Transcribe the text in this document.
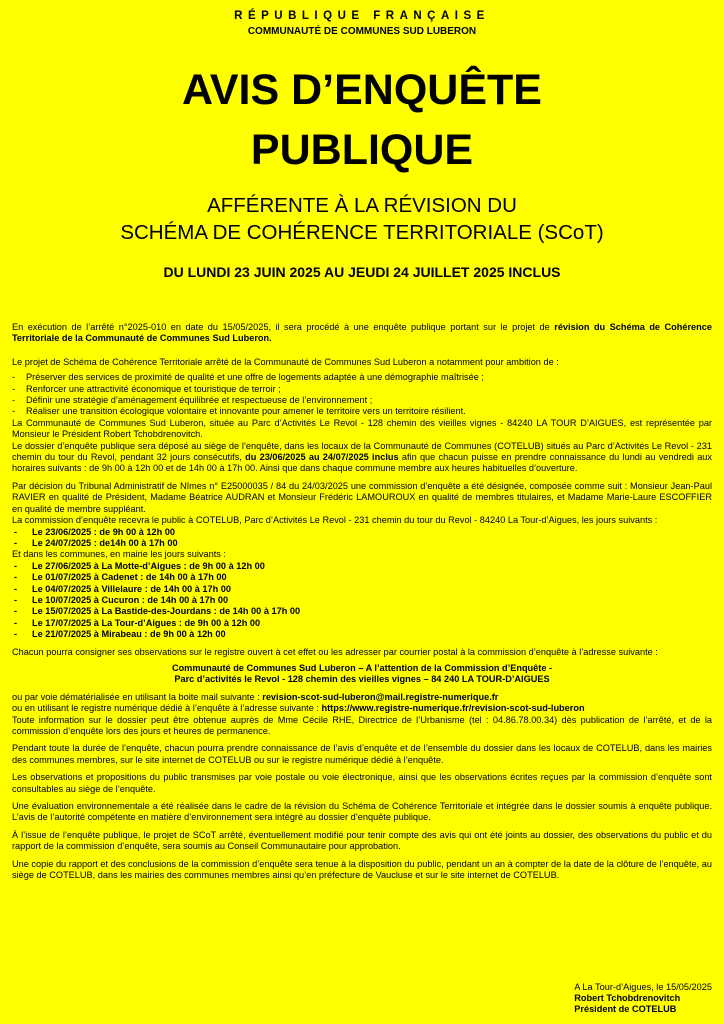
RÉPUBLIQUE FRANÇAISE
COMMUNAUTÉ DE COMMUNES SUD LUBERON
AVIS D’ENQUÊTE
PUBLIQUE
AFFÉRENTE À LA RÉVISION DU
SCHÉMA DE COHÉRENCE TERRITORIALE (SCoT)
DU LUNDI 23 JUIN 2025 AU JEUDI 24 JUILLET 2025 INCLUS

En exécution de l’arrêté n°2025-010 en date du 15/05/2025, il sera procédé à une enquête publique portant sur le projet de révision du Schéma de Cohérence Territoriale de la Communauté de Communes Sud Luberon.

Le projet de Schéma de Cohérence Territoriale arrêté de la Communauté de Communes Sud Luberon a notamment pour ambition de :

- Préserver des services de proximité de qualité et une offre de logements adaptée à une démographie maîtrisée ;
- Renforcer une attractivité économique et touristique de terroir ;
- Définir une stratégie d’aménagement équilibrée et respectueuse de l’environnement ;
- Réaliser une transition écologique volontaire et innovante pour amener le territoire vers un territoire résilient.

La Communauté de Communes Sud Luberon, située au Parc d’Activités Le Revol - 128 chemin des vieilles vignes - 84240 LA TOUR D’AIGUES, est représentée par Monsieur le Président Robert Tchobdrenovitch.

Le dossier d’enquête publique sera déposé au siège de l’enquête, dans les locaux de la Communauté de Communes (COTELUB) situés au Parc d’Activités Le Revol - 231 chemin du tour du Revol, pendant 32 jours consécutifs, du 23/06/2025 au 24/07/2025 inclus afin que chacun puisse en prendre connaissance du lundi au vendredi aux horaires suivants : de 9h 00 à 12h 00 et de 14h 00 à 17h 00. Ainsi que dans chaque commune membre aux heures habituelles d’ouverture.

Par décision du Tribunal Administratif de Nîmes n° E25000035 / 84 du 24/03/2025 une commission d’enquête a été désignée, composée comme suit : Monsieur Jean-Paul RAVIER en qualité de Président, Madame Béatrice AUDRAN et Monsieur Frédéric LAMOUROUX en qualité de membres titulaires, et Madame Marie-Laure ESCOFFIER en qualité de membre suppléant.

La commission d’enquête recevra le public à COTELUB, Parc d’Activités Le Revol - 231 chemin du tour du Revol - 84240 La Tour-d’Aigues, les jours suivants :

- Le 23/06/2025 : de 9h 00 à 12h 00
- Le 24/07/2025 : de14h 00 à 17h 00

Et dans les communes, en mairie les jours suivants :

- Le 27/06/2025 à La Motte-d’Aigues : de 9h 00 à 12h 00
- Le 01/07/2025 à Cadenet : de 14h 00 à 17h 00
- Le 04/07/2025 à Villelaure : de 14h 00 à 17h 00
- Le 10/07/2025 à Cucuron : de 14h 00 à 17h 00
- Le 15/07/2025 à La Bastide-des-Jourdans : de 14h 00 à 17h 00
- Le 17/07/2025 à La Tour-d’Aigues : de 9h 00 à 12h 00
- Le 21/07/2025 à Mirabeau : de 9h 00 à 12h 00

Chacun pourra consigner ses observations sur le registre ouvert à cet effet ou les adresser par courrier postal à la commission d’enquête à l’adresse suivante :

Communauté de Communes Sud Luberon – A l’attention de la Commission d’Enquête -
Parc d’activités le Revol - 128 chemin des vieilles vignes – 84 240 LA TOUR-D’AIGUES

ou par voie dématérialisée en utilisant la boite mail suivante : revision-scot-sud-luberon@mail.registre-numerique.fr

ou en utilisant le registre numérique dédié à l’enquête à l’adresse suivante : https://www.registre-numerique.fr/revision-scot-sud-luberon

Toute information sur le dossier peut être obtenue auprès de Mme Cécile RHE, Directrice de l’Urbanisme (tel : 04.86.78.00.34) dès publication de l’arrêté, et de la commission d’enquête lors des jours et heures de permanence.

Pendant toute la durée de l’enquête, chacun pourra prendre connaissance de l’avis d’enquête et de l’ensemble du dossier dans les locaux de COTELUB, dans les mairies des communes membres, sur le site internet de COTELUB ou sur le registre numérique dédié à l’enquête.

Les observations et propositions du public transmises par voie postale ou voie électronique, ainsi que les observations écrites reçues par la commission d’enquête sont consultables au siège de l’enquête.

Une évaluation environnementale a été réalisée dans le cadre de la révision du Schéma de Cohérence Territoriale et intégrée dans le dossier soumis à enquête publique. L’avis de l’autorité compétente en matière d’environnement sera intégré au dossier d’enquête publique.

À l’issue de l’enquête publique, le projet de SCoT arrêté, éventuellement modifié pour tenir compte des avis qui ont été joints au dossier, des observations du public et du rapport de la commission d’enquête, sera soumis au Conseil Communautaire pour approbation.

Une copie du rapport et des conclusions de la commission d’enquête sera tenue à la disposition du public, pendant un an à compter de la date de la clôture de l’enquête, au siège de COTELUB, dans les mairies des communes membres ainsi qu’en préfecture de Vaucluse et sur le site internet de COTELUB.

A La Tour-d’Aigues, le 15/05/2025
Robert Tchobdrenovitch
Président de COTELUB
